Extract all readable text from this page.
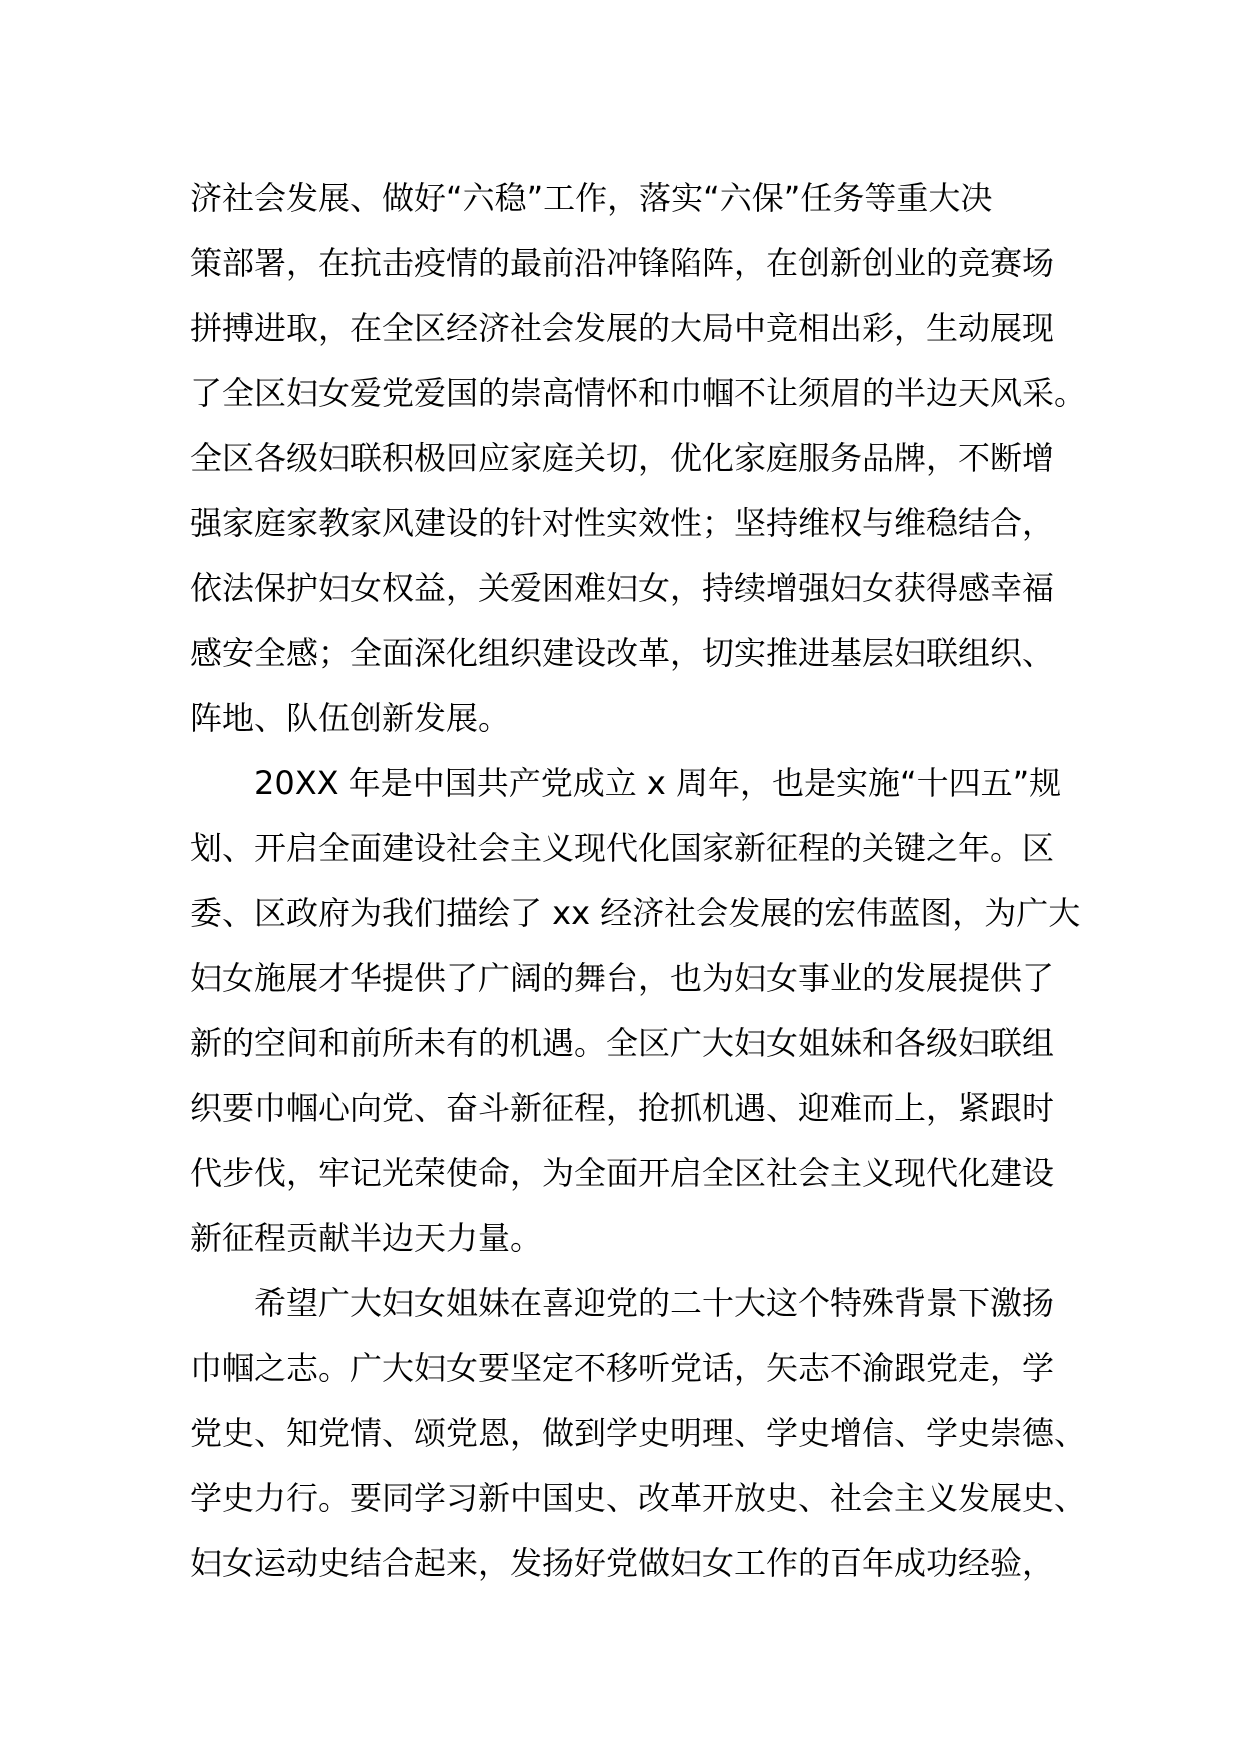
济社会发展、做好“六稳”工作，落实“六保”任务等重大决
策部署，在抗击疫情的最前沿冲锋陷阵，在创新创业的竞赛场
拼搏进取，在全区经济社会发展的大局中竞相出彩，生动展现
了全区妇女爱党爱国的崇高情怀和巾帼不让须眉的半边天风采。
全区各级妇联积极回应家庭关切，优化家庭服务品牌，不断增
强家庭家教家风建设的针对性实效性；坚持维权与维稳结合，
依法保护妇女权益，关爱困难妇女，持续增强妇女获得感幸福
感安全感；全面深化组织建设改革，切实推进基层妇联组织、
阵地、队伍创新发展。
20XX 年是中国共产党成立 x 周年，也是实施“十四五”规
划、开启全面建设社会主义现代化国家新征程的关键之年。区
委、区政府为我们描绘了 xx 经济社会发展的宏伟蓝图，为广大
妇女施展才华提供了广阔的舞台，也为妇女事业的发展提供了
新的空间和前所未有的机遇。全区广大妇女姐妹和各级妇联组
织要巾帼心向党、奋斗新征程，抢抓机遇、迎难而上，紧跟时
代步伐，牢记光荣使命，为全面开启全区社会主义现代化建设
新征程贡献半边天力量。
希望广大妇女姐妹在喜迎党的二十大这个特殊背景下激扬
巾帼之志。广大妇女要坚定不移听党话，矢志不渝跟党走，学
党史、知党情、颂党恩，做到学史明理、学史增信、学史崇德、
学史力行。要同学习新中国史、改革开放史、社会主义发展史、
妇女运动史结合起来，发扬好党做妇女工作的百年成功经验，
